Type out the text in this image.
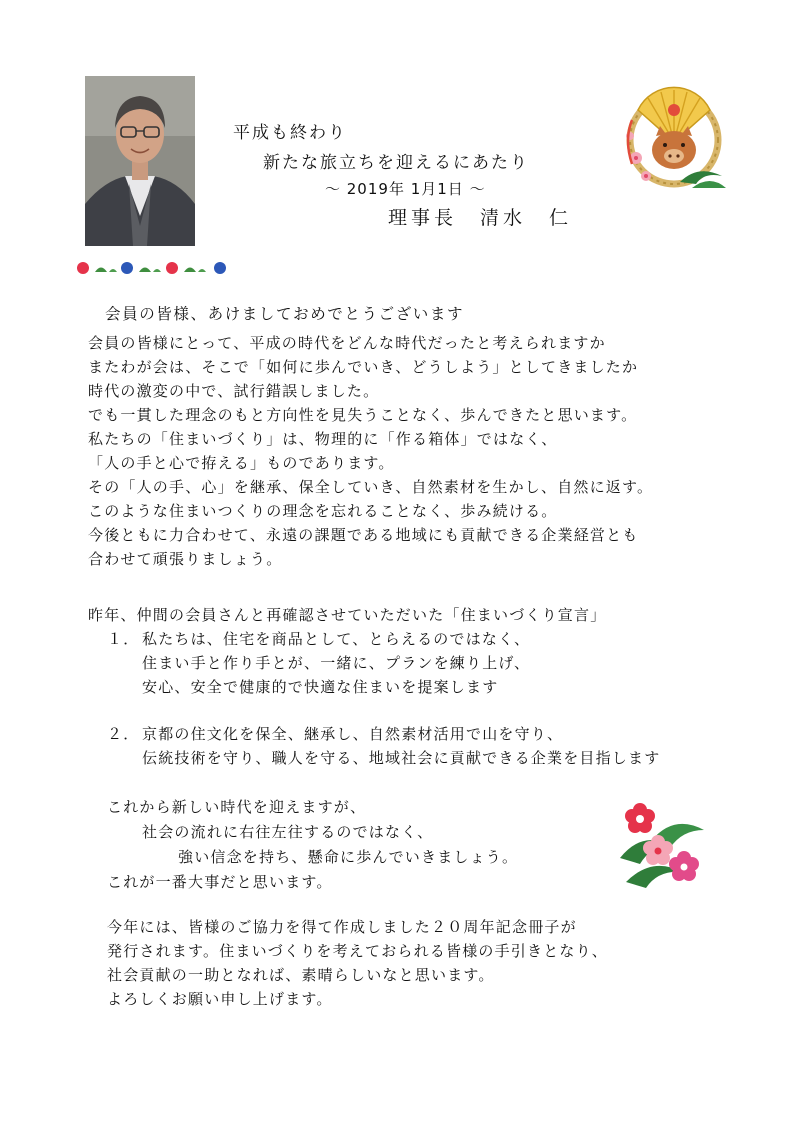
平成も終わり
新たな旅立ちを迎えるにあたり
～ 2019年 1月1日 ～
理事長　清水　仁
会員の皆様、あけましておめでとうございます
会員の皆様にとって、平成の時代をどんな時代だったと考えられますか
またわが会は、そこで「如何に歩んでいき、どうしよう」としてきましたか
時代の激変の中で、試行錯誤しました。
でも一貫した理念のもと方向性を見失うことなく、歩んできたと思います。
私たちの「住まいづくり」は、物理的に「作る箱体」ではなく、
「人の手と心で拵える」ものであります。
その「人の手、心」を継承、保全していき、自然素材を生かし、自然に返す。
このような住まいつくりの理念を忘れることなく、歩み続ける。
今後ともに力合わせて、永遠の課題である地域にも貢献できる企業経営とも
合わせて頑張りましょう。
昨年、仲間の会員さんと再確認させていただいた「住まいづくり宣言」
１． 私たちは、住宅を商品として、とらえるのではなく、
住まい手と作り手とが、一緒に、プランを練り上げ、
安心、安全で健康的で快適な住まいを提案します
２． 京都の住文化を保全、継承し、自然素材活用で山を守り、
伝統技術を守り、職人を守る、地域社会に貢献できる企業を目指します
これから新しい時代を迎えますが、
社会の流れに右往左往するのではなく、
強い信念を持ち、懸命に歩んでいきましょう。
これが一番大事だと思います。
今年には、皆様のご協力を得て作成しました２０周年記念冊子が
発行されます。住まいづくりを考えておられる皆様の手引きとなり、
社会貢献の一助となれば、素晴らしいなと思います。
よろしくお願い申し上げます。
